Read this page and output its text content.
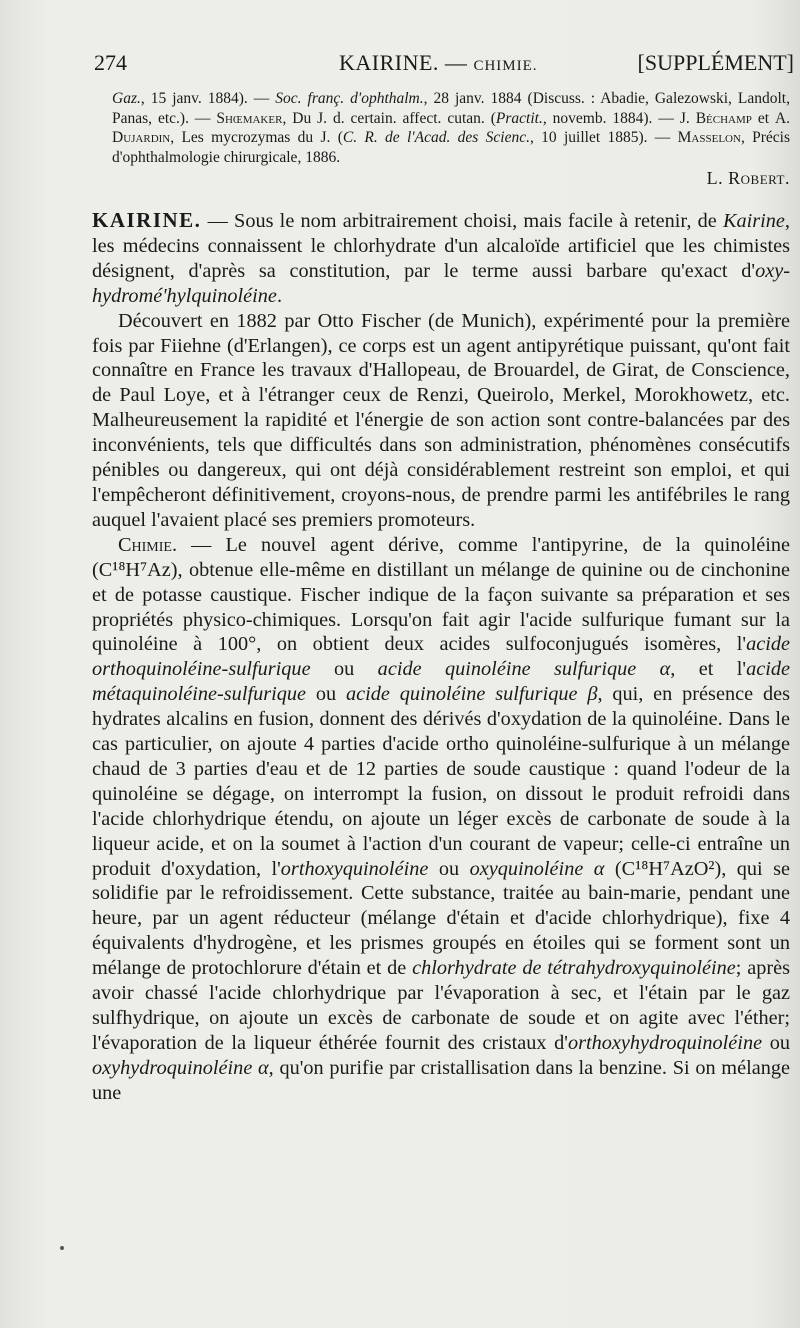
274	KAIRINE. — CHIMIE.	[SUPPLÉMENT]

Gaz., 15 janv. 1884). — Soc. franç. d'ophthalm., 28 janv. 1884 (Discuss. : Abadie, Galezowski, Landolt, Panas, etc.). — Shœmaker, Du J. d. certain. affect. cutan. (Practit., novemb. 1884). — J. Béchamp et A. Dujardin, Les mycrozymas du J. (C. R. de l'Acad. des Scienc., 10 juillet 1885). — Masselon, Précis d'ophthalmologie chirurgicale, 1886.

L. Robert.

KAIRINE. — Sous le nom arbitrairement choisi, mais facile à retenir, de Kairine, les médecins connaissent le chlorhydrate d'un alcaloïde artificiel que les chimistes désignent, d'après sa constitution, par le terme aussi barbare qu'exact d'oxy-hydromé'hylquinoléine.

Découvert en 1882 par Otto Fischer (de Munich), expérimenté pour la première fois par Fiiehne (d'Erlangen), ce corps est un agent antipyrétique puissant, qu'ont fait connaître en France les travaux d'Hallopeau, de Brouardel, de Girat, de Conscience, de Paul Loye, et à l'étranger ceux de Renzi, Queirolo, Merkel, Morokhowetz, etc. Malheureusement la rapidité et l'énergie de son action sont contre-balancées par des inconvénients, tels que difficultés dans son administration, phénomènes consécutifs pénibles ou dangereux, qui ont déjà considérablement restreint son emploi, et qui l'empêcheront définitivement, croyons-nous, de prendre parmi les antifébriles le rang auquel l'avaient placé ses premiers promoteurs.

Chimie. — Le nouvel agent dérive, comme l'antipyrine, de la quinoléine (C¹⁸H⁷Az), obtenue elle-même en distillant un mélange de quinine ou de cinchonine et de potasse caustique. Fischer indique de la façon suivante sa préparation et ses propriétés physico-chimiques. Lorsqu'on fait agir l'acide sulfurique fumant sur la quinoléine à 100°, on obtient deux acides sulfoconjugués isomères, l'acide orthoquinoléine-sulfurique ou acide quinoléine sulfurique α, et l'acide métaquinoléine-sulfurique ou acide quinoléine sulfurique β, qui, en présence des hydrates alcalins en fusion, donnent des dérivés d'oxydation de la quinoléine. Dans le cas particulier, on ajoute 4 parties d'acide ortho quinoléine-sulfurique à un mélange chaud de 3 parties d'eau et de 12 parties de soude caustique : quand l'odeur de la quinoléine se dégage, on interrompt la fusion, on dissout le produit refroidi dans l'acide chlorhydrique étendu, on ajoute un léger excès de carbonate de soude à la liqueur acide, et on la soumet à l'action d'un courant de vapeur; celle-ci entraîne un produit d'oxydation, l'orthoxyquinoléine ou oxyquinoléine α (C¹⁸H⁷AzO²), qui se solidifie par le refroidissement. Cette substance, traitée au bain-marie, pendant une heure, par un agent réducteur (mélange d'étain et d'acide chlorhydrique), fixe 4 équivalents d'hydrogène, et les prismes groupés en étoiles qui se forment sont un mélange de protochlorure d'étain et de chlorhydrate de tétrahydroxyquinoléine; après avoir chassé l'acide chlorhydrique par l'évaporation à sec, et l'étain par le gaz sulfhydrique, on ajoute un excès de carbonate de soude et on agite avec l'éther; l'évaporation de la liqueur éthérée fournit des cristaux d'orthoxyhydroquinoléine ou oxyhydroquinoléine α, qu'on purifie par cristallisation dans la benzine. Si on mélange une
